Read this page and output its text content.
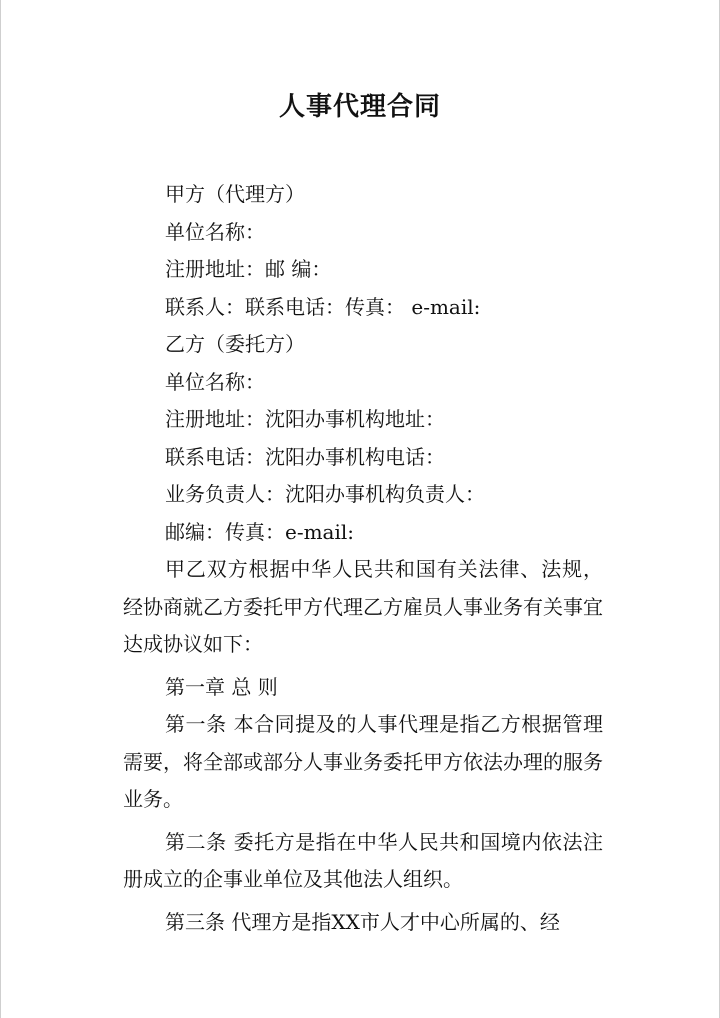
人事代理合同

甲方（代理方）

单位名称：

注册地址：邮 编：

联系人：联系电话：传真： e-mail:

乙方（委托方）

单位名称：

注册地址：沈阳办事机构地址：

联系电话：沈阳办事机构电话：

业务负责人：沈阳办事机构负责人：

邮编：传真：e-mail:

甲乙双方根据中华人民共和国有关法律、法规，经协商就乙方委托甲方代理乙方雇员人事业务有关事宜达成协议如下：

第一章 总 则

第一条 本合同提及的人事代理是指乙方根据管理需要，将全部或部分人事业务委托甲方依法办理的服务业务。

第二条 委托方是指在中华人民共和国境内依法注册成立的企事业单位及其他法人组织。

第三条 代理方是指XX市人才中心所属的、经
